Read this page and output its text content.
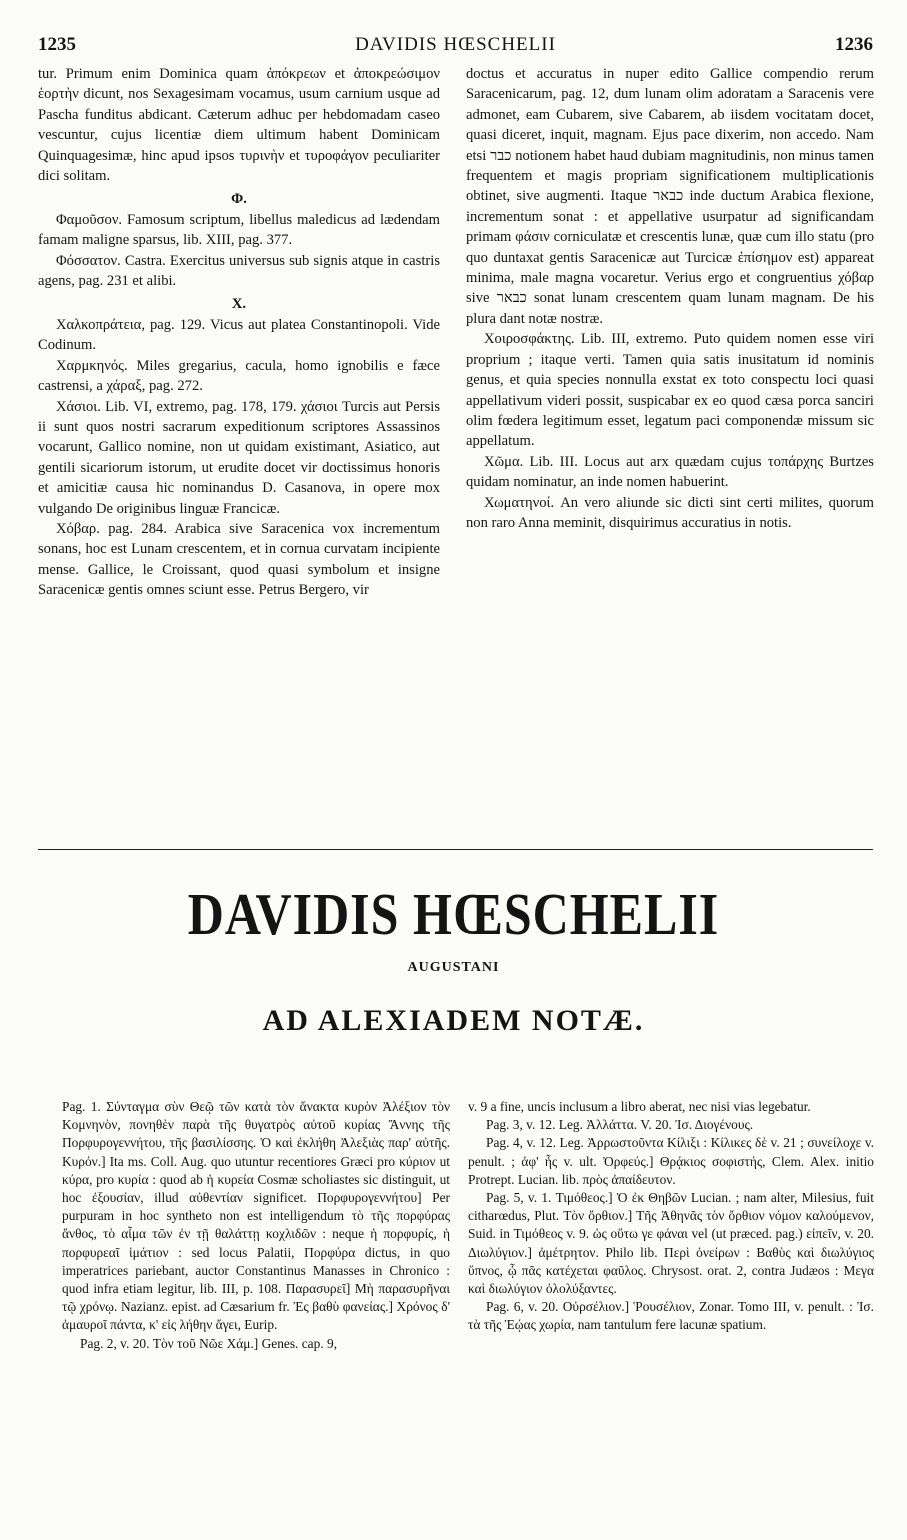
1235	DAVIDIS HŒSCHELII	1236

tur. Primum enim Dominica quam ἀπόκρεων et ἀποκρεώσιμον ἑορτὴν dicunt, nos Sexagesimam vocamus, usum carnium usque ad Pascha funditus abdicant. Cæterum adhuc per hebdomadam caseo vescuntur, cujus licentiæ diem ultimum habent Dominicam Quinquagesimæ, hinc apud ipsos τυρινὴν et τυροφάγον peculiariter dici solitam.

Φ.

Φαμοῦσον. Famosum scriptum, libellus maledicus ad lædendam famam maligne sparsus, lib. XIII, pag. 377.

Φόσσατον. Castra. Exercitus universus sub signis atque in castris agens, pag. 231 et alibi.

X.

Χαλκοπράτεια, pag. 129. Vicus aut platea Constantinopoli. Vide Codinum.

Χαρμκηνός. Miles gregarius, cacula, homo ignobilis e fæce castrensi, a χάραξ, pag. 272.

Χάσιοι. Lib. VI, extremo, pag. 178, 179. χάσιοι Turcis aut Persis ii sunt quos nostri sacrarum expeditionum scriptores Assassinos vocarunt, Gallico nomine, non ut quidam existimant, Asiatico, aut gentili sicariorum istorum, ut erudite docet vir doctissimus honoris et amicitiæ causa hic nominandus D. Casanova, in opere mox vulgando De originibus linguæ Francicæ.

Χόβαρ. pag. 284. Arabica sive Saracenica vox incrementum sonans, hoc est Lunam crescentem, et in cornua curvatam incipiente mense. Gallice, le Croissant, quod quasi symbolum et insigne Saracenicæ gentis omnes sciunt esse. Petrus Bergero, vir

doctus et accuratus in nuper edito Gallice compendio rerum Saracenicarum, pag. 12, dum lunam olim adoratam a Saracenis vere admonet, eam Cubarem, sive Cabarem, ab iisdem vocitatam docet, quasi diceret, inquit, magnam. Ejus pace dixerim, non accedo. Nam etsi כבר notionem habet haud dubiam magnitudinis, non minus tamen frequentem et magis propriam significationem multiplicationis obtinet, sive augmenti. Itaque כבאר inde ductum Arabica flexione, incrementum sonat : et appellative usurpatur ad significandam primam φάσιν corniculatæ et crescentis lunæ, quæ cum illo statu (pro quo duntaxat gentis Saracenicæ aut Turcicæ ἐπίσημον est) appareat minima, male magna vocaretur. Verius ergo et congruentius χόβαρ sive כבאר sonat lunam crescentem quam lunam magnam. De his plura dant notæ nostræ.

Χοιροσφάκτης. Lib. III, extremo. Puto quidem nomen esse viri proprium ; itaque verti. Tamen quia satis inusitatum id nominis genus, et quia species nonnulla exstat ex toto conspectu loci quasi appellativum videri possit, suspicabar ex eo quod cæsa porca sanciri olim fœdera legitimum esset, legatum paci componendæ missum sic appellatum.

Χῶμα. Lib. III. Locus aut arx quædam cujus τοπάρχης Burtzes quidam nominatur, an inde nomen habuerint.

Χωματηνοί. An vero aliunde sic dicti sint certi milites, quorum non raro Anna meminit, disquirimus accuratius in notis.

DAVIDIS HŒSCHELII
AUGUSTANI
AD ALEXIADEM NOTÆ.

Pag. 1. Σύνταγμα σὺν Θεῷ τῶν κατὰ τὸν ἄνακτα κυρὸν Ἀλέξιον τὸν Κομνηνὸν, πονηθὲν παρὰ τῆς θυγατρὸς αὐτοῦ κυρίας Ἄννης τῆς Πορφυρογεννήτου, τῆς βασιλίσσης. Ὁ καὶ ἐκλήθη Ἀλεξιὰς παρ' αὐτῆς. Κυρόν.] Ita ms. Coll. Aug. quo utuntur recentiores Græci pro κύριον ut κύρα, pro κυρία : quod ab ἡ κυρεία Cosmæ scholiastes sic distinguit, ut hoc ἐξουσίαν, illud αὐθεντίαν significet. Πορφυρογεννήτου] Per purpuram in hoc syntheto non est intelligendum τὸ τῆς πορφύρας ἄνθος, τὸ αἷμα τῶν ἐν τῇ θαλάττῃ κοχλιδῶν : neque ἡ πορφυρίς, ἡ πορφυρεαῖ ἱμάτιον : sed locus Palatii, Πορφύρα dictus, in quo imperatrices pariebant, auctor Constantinus Manasses in Chronico : quod infra etiam legitur, lib. III, p. 108. Παρασυρεῖ] Μὴ παρασυρῆναι τῷ χρόνῳ. Nazianz. epist. ad Cæsarium fr. Ἐς βαθὺ φανείας.] Χρόνος δ' ἀμαυροῖ πάντα, κ' εἰς λήθην ἄγει, Eurip.

Pag. 2, v. 20. Τὸν τοῦ Νῶε Χάμ.] Genes. cap. 9,

v. 9 a fine, uncis inclusum a libro aberat, nec nisi vias legebatur.

Pag. 3, v. 12. Leg. Ἀλλάττα. V. 20. Ἰσ. Διογένους.

Pag. 4, v. 12. Leg. Ἀρρωστοῦντα Κίλιξι : Κίλικες δὲ v. 21 ; συνείλοχε v. penult. ; ἀφ' ἧς v. ult. Ὀρφεύς.] Θρᾴκιος σοφιστής, Clem. Alex. initio Protrept. Lucian. lib. πρὸς ἀπαίδευτον.

Pag. 5, v. 1. Τιμόθεος.] Ὁ ἐκ Θηβῶν Lucian. ; nam alter, Milesius, fuit citharœdus, Plut. Τὸν ὄρθιον.] Τῆς Ἀθηνᾶς τὸν ὄρθιον νόμον καλούμενον, Suid. in Τιμόθεος v. 9. ὡς οὕτω γε φάναι vel (ut præced. pag.) εἰπεῖν, v. 20. Διωλύγιον.] ἀμέτρητον. Philo lib. Περὶ ὀνείρων : Βαθὺς καὶ διωλύγιος ὕπνος, ᾧ πᾶς κατέχεται φαῦλος. Chrysost. orat. 2, contra Judæos : Μεγα καὶ διωλύγιον ὀλολύξαντες.

Pag. 6, v. 20. Οὐρσέλιον.] Ῥουσέλιον, Zonar. Tomo III, v. penult. : Ἰσ. τὰ τῆς Ἑῴας χωρία, nam tantulum fere lacunæ spatium.
